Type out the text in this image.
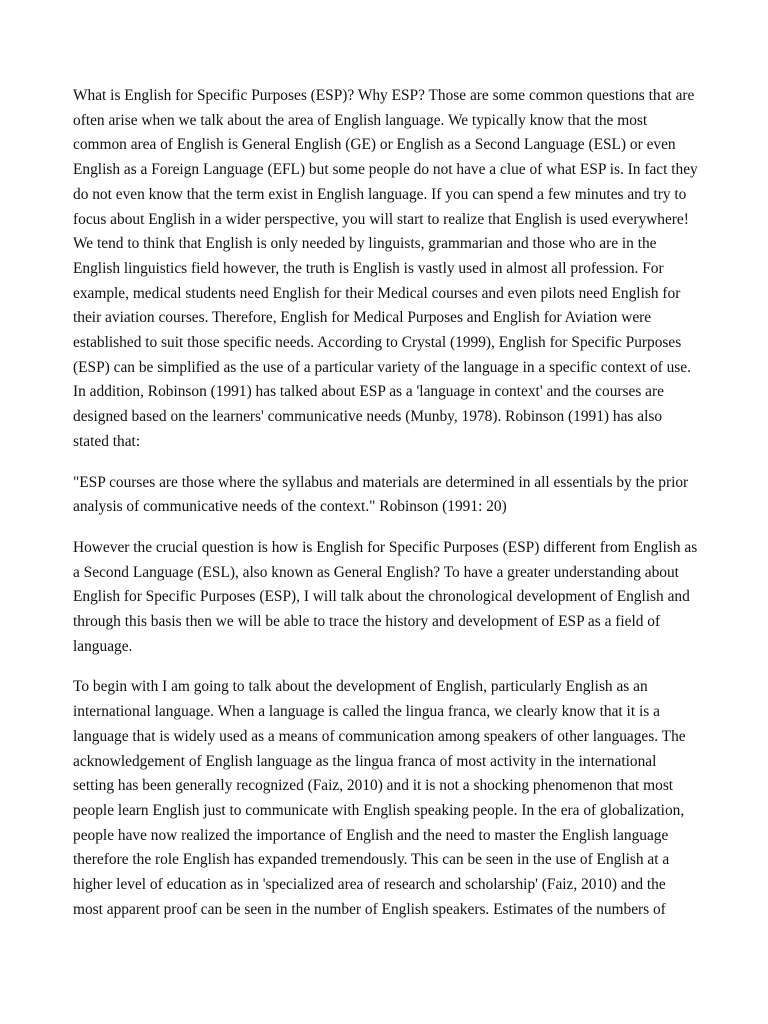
What is English for Specific Purposes (ESP)? Why ESP? Those are some common questions that are often arise when we talk about the area of English language. We typically know that the most common area of English is General English (GE) or English as a Second Language (ESL) or even English as a Foreign Language (EFL) but some people do not have a clue of what ESP is. In fact they do not even know that the term exist in English language. If you can spend a few minutes and try to focus about English in a wider perspective, you will start to realize that English is used everywhere! We tend to think that English is only needed by linguists, grammarian and those who are in the English linguistics field however, the truth is English is vastly used in almost all profession. For example, medical students need English for their Medical courses and even pilots need English for their aviation courses. Therefore, English for Medical Purposes and English for Aviation were established to suit those specific needs. According to Crystal (1999), English for Specific Purposes (ESP) can be simplified as the use of a particular variety of the language in a specific context of use. In addition, Robinson (1991) has talked about ESP as a 'language in context' and the courses are designed based on the learners' communicative needs (Munby, 1978). Robinson (1991) has also stated that:

"ESP courses are those where the syllabus and materials are determined in all essentials by the prior analysis of communicative needs of the context." Robinson (1991: 20)

However the crucial question is how is English for Specific Purposes (ESP) different from English as a Second Language (ESL), also known as General English? To have a greater understanding about English for Specific Purposes (ESP), I will talk about the chronological development of English and through this basis then we will be able to trace the history and development of ESP as a field of language.

To begin with I am going to talk about the development of English, particularly English as an international language. When a language is called the lingua franca, we clearly know that it is a language that is widely used as a means of communication among speakers of other languages. The acknowledgement of English language as the lingua franca of most activity in the international setting has been generally recognized (Faiz, 2010) and it is not a shocking phenomenon that most people learn English just to communicate with English speaking people. In the era of globalization, people have now realized the importance of English and the need to master the English language therefore the role English has expanded tremendously. This can be seen in the use of English at a higher level of education as in 'specialized area of research and scholarship' (Faiz, 2010) and the most apparent proof can be seen in the number of English speakers. Estimates of the numbers of
